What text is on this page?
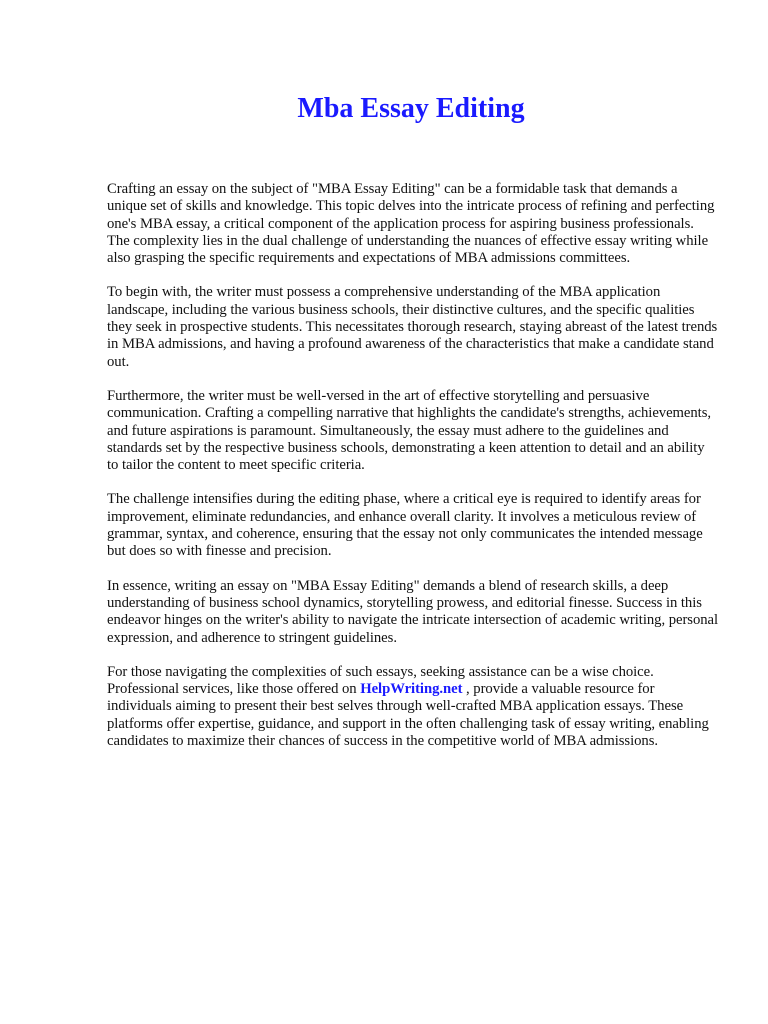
Mba Essay Editing

Crafting an essay on the subject of "MBA Essay Editing" can be a formidable task that demands a unique set of skills and knowledge. This topic delves into the intricate process of refining and perfecting one's MBA essay, a critical component of the application process for aspiring business professionals. The complexity lies in the dual challenge of understanding the nuances of effective essay writing while also grasping the specific requirements and expectations of MBA admissions committees.

To begin with, the writer must possess a comprehensive understanding of the MBA application landscape, including the various business schools, their distinctive cultures, and the specific qualities they seek in prospective students. This necessitates thorough research, staying abreast of the latest trends in MBA admissions, and having a profound awareness of the characteristics that make a candidate stand out.

Furthermore, the writer must be well-versed in the art of effective storytelling and persuasive communication. Crafting a compelling narrative that highlights the candidate's strengths, achievements, and future aspirations is paramount. Simultaneously, the essay must adhere to the guidelines and standards set by the respective business schools, demonstrating a keen attention to detail and an ability to tailor the content to meet specific criteria.

The challenge intensifies during the editing phase, where a critical eye is required to identify areas for improvement, eliminate redundancies, and enhance overall clarity. It involves a meticulous review of grammar, syntax, and coherence, ensuring that the essay not only communicates the intended message but does so with finesse and precision.

In essence, writing an essay on "MBA Essay Editing" demands a blend of research skills, a deep understanding of business school dynamics, storytelling prowess, and editorial finesse. Success in this endeavor hinges on the writer's ability to navigate the intricate intersection of academic writing, personal expression, and adherence to stringent guidelines.

For those navigating the complexities of such essays, seeking assistance can be a wise choice. Professional services, like those offered on HelpWriting.net , provide a valuable resource for individuals aiming to present their best selves through well-crafted MBA application essays. These platforms offer expertise, guidance, and support in the often challenging task of essay writing, enabling candidates to maximize their chances of success in the competitive world of MBA admissions.
